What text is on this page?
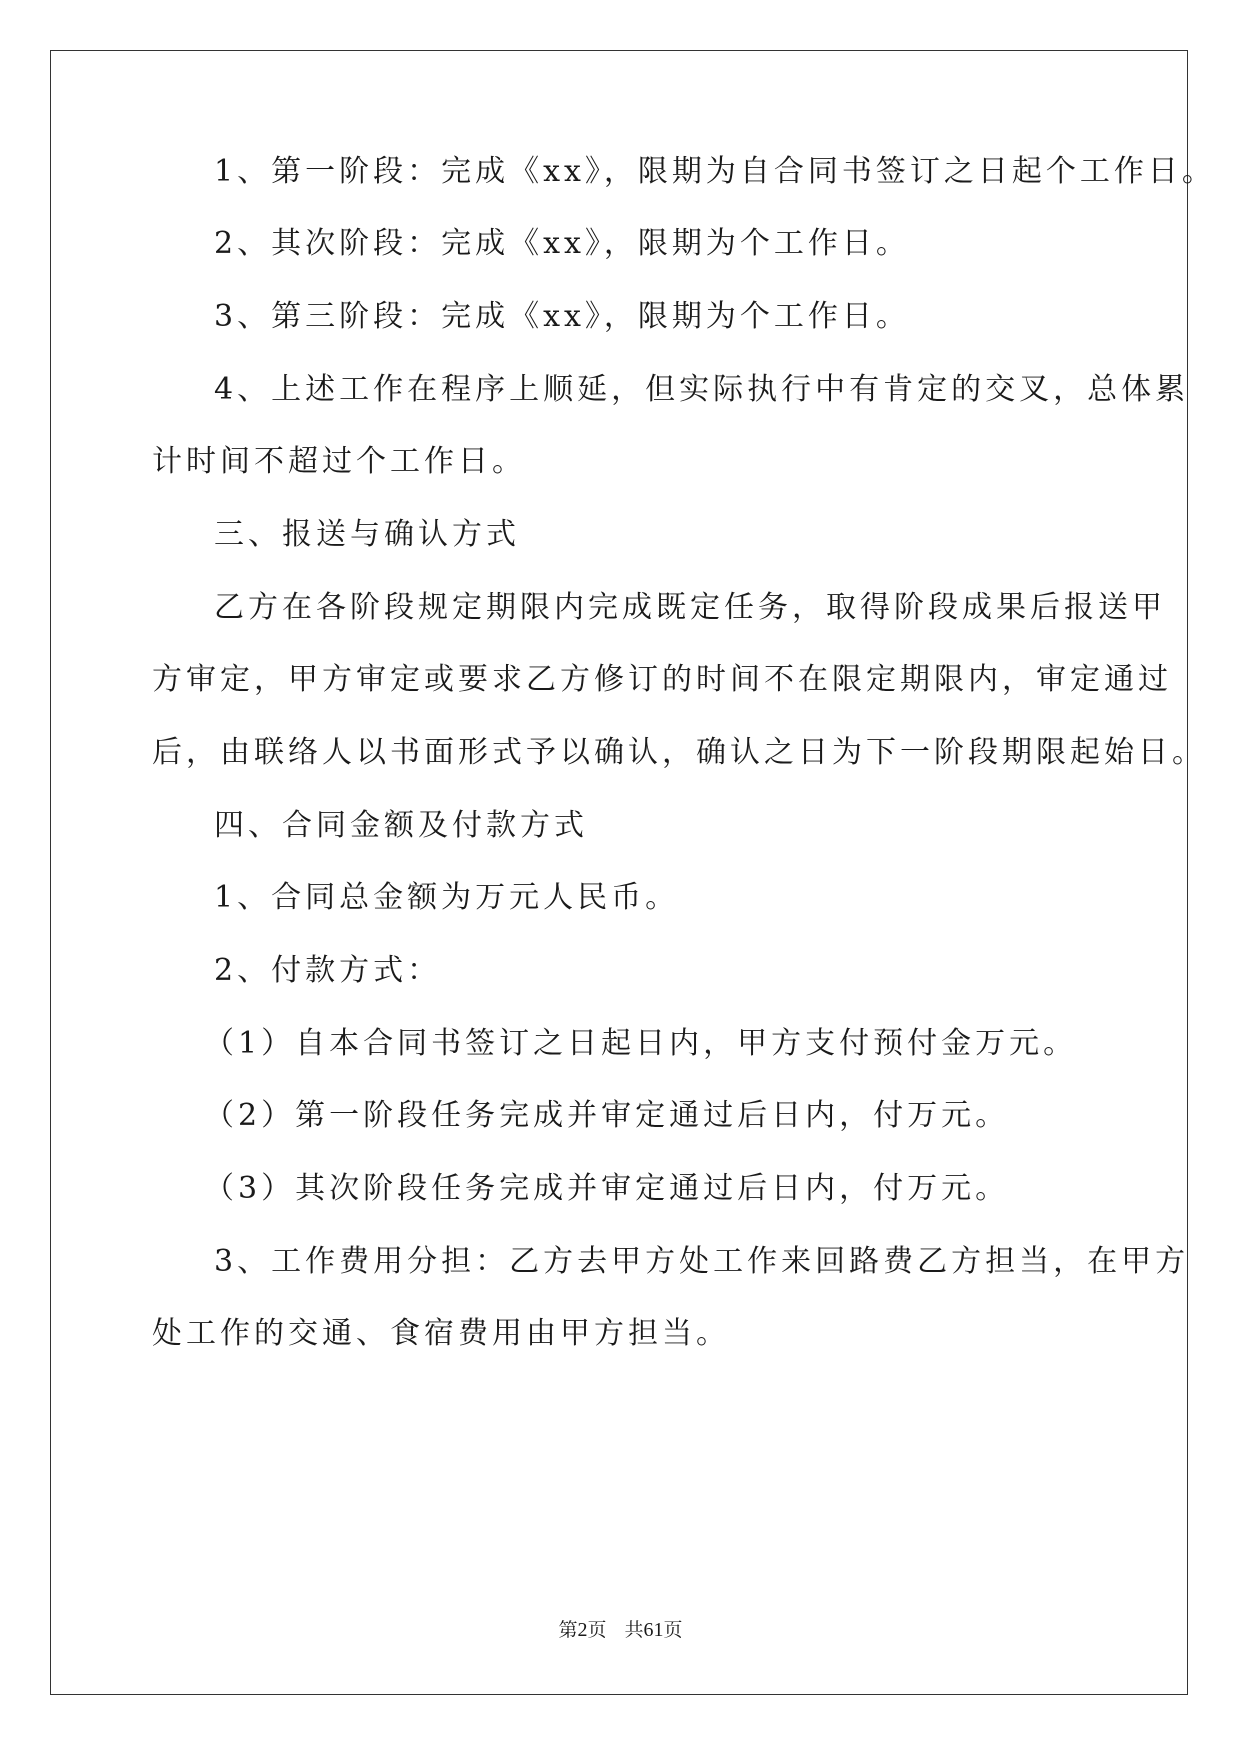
1、第一阶段：完成《xx》，限期为自合同书签订之日起个工作日。
2、其次阶段：完成《xx》，限期为个工作日。
3、第三阶段：完成《xx》，限期为个工作日。
4、上述工作在程序上顺延，但实际执行中有肯定的交叉，总体累
计时间不超过个工作日。
三、报送与确认方式
乙方在各阶段规定期限内完成既定任务，取得阶段成果后报送甲
方审定，甲方审定或要求乙方修订的时间不在限定期限内，审定通过
后，由联络人以书面形式予以确认，确认之日为下一阶段期限起始日。
四、合同金额及付款方式
1、合同总金额为万元人民币。
2、付款方式：
（1）自本合同书签订之日起日内，甲方支付预付金万元。
（2）第一阶段任务完成并审定通过后日内，付万元。
（3）其次阶段任务完成并审定通过后日内，付万元。
3、工作费用分担：乙方去甲方处工作来回路费乙方担当，在甲方
处工作的交通、食宿费用由甲方担当。
第2页 共61页
